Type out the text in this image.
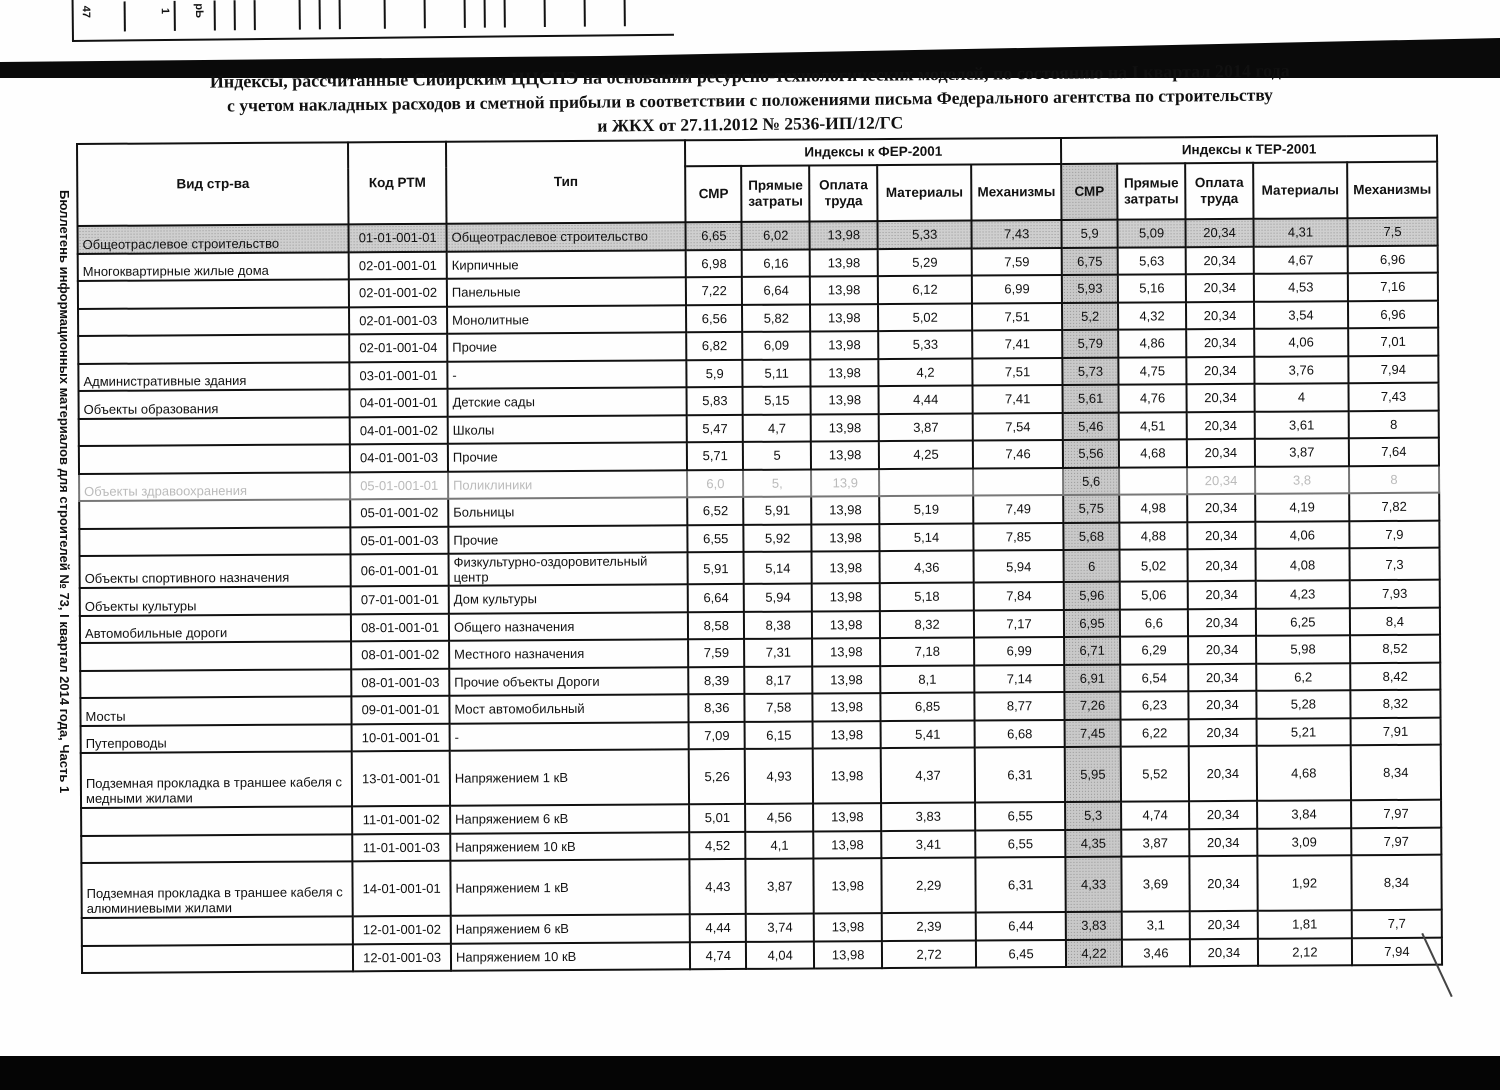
47	1 рЬ
Индексы, рассчитанные Сибирским ЦЦСПЭ на основании ресурсно-технологических моделей, по состоянию на I квартал 2014 года
с учетом накладных расходов и сметной прибыли в соответствии с положениями письма Федерального агентства по строительству
и ЖКХ от 27.11.2012 № 2536-ИП/12/ГС
Бюллетень информационных материалов для строителей № 73, I квартал 2014 года, Часть 1
Вид стр-ва	Код РТМ	Тип	Индексы к ФЕР-2001					Индексы к ТЕР-2001				
			СМР	Прямые затраты	Оплата труда	Материалы	Механизмы	СМР	Прямые затраты	Оплата труда	Материалы	Механизмы
Общеотраслевое строительство	01-01-001-01	Общеотраслевое строительство	6,65	6,02	13,98	5,33	7,43	5,9	5,09	20,34	4,31	7,5
Многоквартирные жилые дома	02-01-001-01	Кирпичные	6,98	6,16	13,98	5,29	7,59	6,75	5,63	20,34	4,67	6,96
	02-01-001-02	Панельные	7,22	6,64	13,98	6,12	6,99	5,93	5,16	20,34	4,53	7,16
	02-01-001-03	Монолитные	6,56	5,82	13,98	5,02	7,51	5,2	4,32	20,34	3,54	6,96
	02-01-001-04	Прочие	6,82	6,09	13,98	5,33	7,41	5,79	4,86	20,34	4,06	7,01
Административные здания	03-01-001-01	-	5,9	5,11	13,98	4,2	7,51	5,73	4,75	20,34	3,76	7,94
Объекты образования	04-01-001-01	Детские сады	5,83	5,15	13,98	4,44	7,41	5,61	4,76	20,34	4	7,43
	04-01-001-02	Школы	5,47	4,7	13,98	3,87	7,54	5,46	4,51	20,34	3,61	8
	04-01-001-03	Прочие	5,71	5	13,98	4,25	7,46	5,56	4,68	20,34	3,87	7,64
Объекты здравоохранения	05-01-001-01	Поликлиники	6,0	5,	13,9			5,6		20,34	3,8	8
	05-01-001-02	Больницы	6,52	5,91	13,98	5,19	7,49	5,75	4,98	20,34	4,19	7,82
	05-01-001-03	Прочие	6,55	5,92	13,98	5,14	7,85	5,68	4,88	20,34	4,06	7,9
Объекты спортивного назначения	06-01-001-01	Физкультурно-оздоровительный центр	5,91	5,14	13,98	4,36	5,94	6	5,02	20,34	4,08	7,3
Объекты культуры	07-01-001-01	Дом культуры	6,64	5,94	13,98	5,18	7,84	5,96	5,06	20,34	4,23	7,93
Автомобильные дороги	08-01-001-01	Общего назначения	8,58	8,38	13,98	8,32	7,17	6,95	6,6	20,34	6,25	8,4
	08-01-001-02	Местного назначения	7,59	7,31	13,98	7,18	6,99	6,71	6,29	20,34	5,98	8,52
	08-01-001-03	Прочие объекты Дороги	8,39	8,17	13,98	8,1	7,14	6,91	6,54	20,34	6,2	8,42
Мосты	09-01-001-01	Мост автомобильный	8,36	7,58	13,98	6,85	8,77	7,26	6,23	20,34	5,28	8,32
Путепроводы	10-01-001-01	-	7,09	6,15	13,98	5,41	6,68	7,45	6,22	20,34	5,21	7,91
Подземная прокладка в траншее кабеля с медными жилами	13-01-001-01	Напряжением 1 кВ	5,26	4,93	13,98	4,37	6,31	5,95	5,52	20,34	4,68	8,34
	11-01-001-02	Напряжением 6 кВ	5,01	4,56	13,98	3,83	6,55	5,3	4,74	20,34	3,84	7,97
	11-01-001-03	Напряжением 10 кВ	4,52	4,1	13,98	3,41	6,55	4,35	3,87	20,34	3,09	7,97
Подземная прокладка в траншее кабеля с алюминиевыми жилами	14-01-001-01	Напряжением 1 кВ	4,43	3,87	13,98	2,29	6,31	4,33	3,69	20,34	1,92	8,34
	12-01-001-02	Напряжением 6 кВ	4,44	3,74	13,98	2,39	6,44	3,83	3,1	20,34	1,81	7,7
	12-01-001-03	Напряжением 10 кВ	4,74	4,04	13,98	2,72	6,45	4,22	3,46	20,34	2,12	7,94
